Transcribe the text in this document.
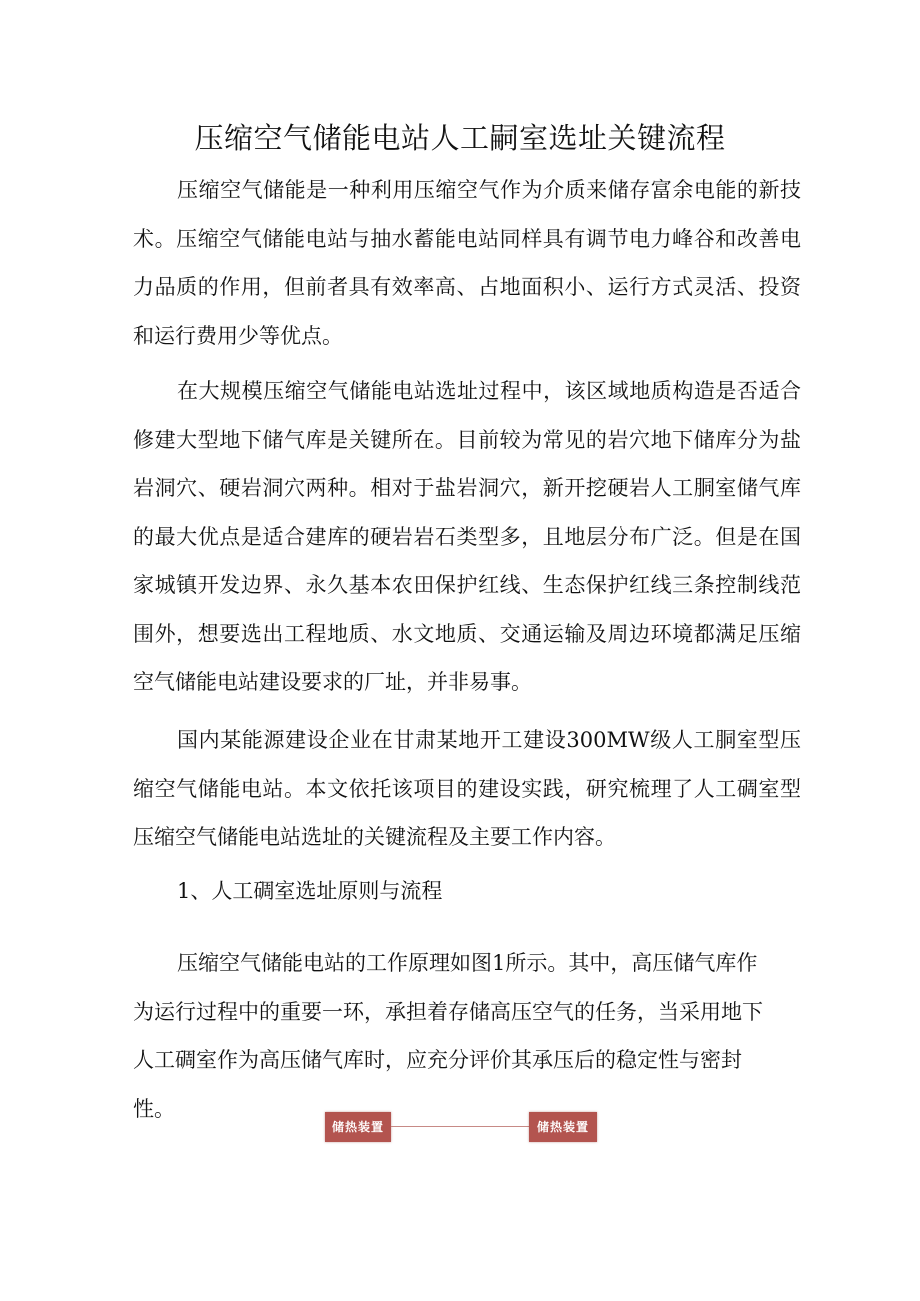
压缩空气储能电站人工嗣室选址关键流程

压缩空气储能是一种利用压缩空气作为介质来储存富余电能的新技术。压缩空气储能电站与抽水蓄能电站同样具有调节电力峰谷和改善电力品质的作用，但前者具有效率高、占地面积小、运行方式灵活、投资和运行费用少等优点。

在大规模压缩空气储能电站选址过程中，该区域地质构造是否适合修建大型地下储气库是关键所在。目前较为常见的岩穴地下储库分为盐岩洞穴、硬岩洞穴两种。相对于盐岩洞穴，新开挖硬岩人工胴室储气库的最大优点是适合建库的硬岩岩石类型多，且地层分布广泛。但是在国家城镇开发边界、永久基本农田保护红线、生态保护红线三条控制线范围外，想要选出工程地质、水文地质、交通运输及周边环境都满足压缩空气储能电站建设要求的厂址，并非易事。

国内某能源建设企业在甘肃某地开工建设300MW级人工胴室型压缩空气储能电站。本文依托该项目的建设实践，研究梳理了人工碉室型压缩空气储能电站选址的关键流程及主要工作内容。

1、人工碉室选址原则与流程

压缩空气储能电站的工作原理如图1所示。其中，高压储气库作为运行过程中的重要一环，承担着存储高压空气的任务，当采用地下人工碉室作为高压储气库时，应充分评价其承压后的稳定性与密封性。

储热装置	储热装置
